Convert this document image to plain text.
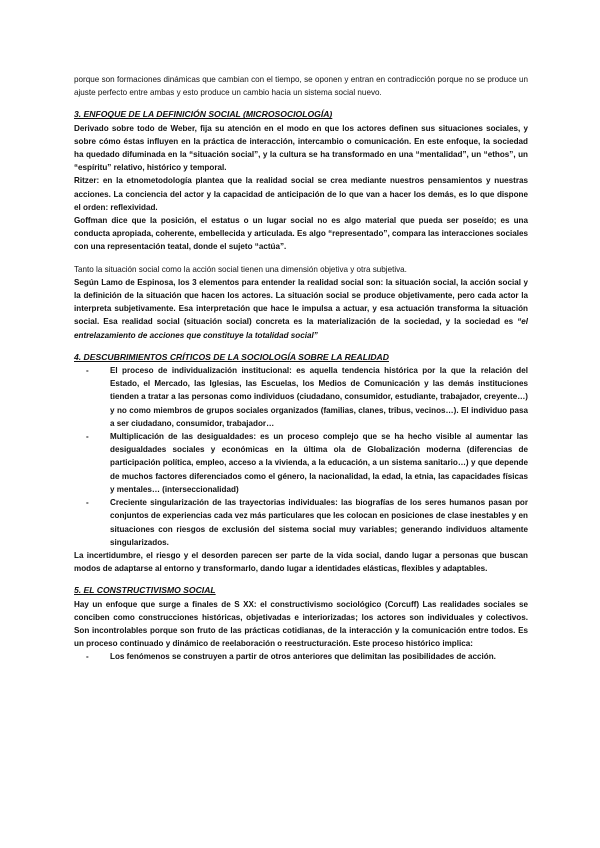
porque son formaciones dinámicas que cambian con el tiempo, se oponen y entran en contradicción porque no se produce un ajuste perfecto entre ambas y esto produce un cambio hacia un sistema social nuevo.

3. ENFOQUE DE LA DEFINICIÓN SOCIAL (MICROSOCIOLOGÍA)

Derivado sobre todo de Weber, fija su atención en el modo en que los actores definen sus situaciones sociales, y sobre cómo éstas influyen en la práctica de interacción, intercambio o comunicación. En este enfoque, la sociedad ha quedado difuminada en la “situación social”, y la cultura se ha transformado en una “mentalidad”, un “ethos”, un “espíritu” relativo, histórico y temporal.

Ritzer: en la etnometodología plantea que la realidad social se crea mediante nuestros pensamientos y nuestras acciones. La conciencia del actor y la capacidad de anticipación de lo que van a hacer los demás, es lo que dispone el orden: reflexividad.

Goffman dice que la posición, el estatus o un lugar social no es algo material que pueda ser poseído; es una conducta apropiada, coherente, embellecida y articulada. Es algo “representado”, compara las interacciones sociales con una representación teatal, donde el sujeto “actúa”.

Tanto la situación social como la acción social tienen una dimensión objetiva y otra subjetiva.

Según Lamo de Espinosa, los 3 elementos para entender la realidad social son: la situación social, la acción social y la definición de la situación que hacen los actores. La situación social se produce objetivamente, pero cada actor la interpreta subjetivamente. Esa interpretación que hace le impulsa a actuar, y esa actuación transforma la situación social. Esa realidad social (situación social) concreta es la materialización de la sociedad, y la sociedad es “el entrelazamiento de acciones que constituye la totalidad social”

4. DESCUBRIMIENTOS CRÍTICOS DE LA SOCIOLOGÍA SOBRE LA REALIDAD

- El proceso de individualización institucional: es aquella tendencia histórica por la que la relación del Estado, el Mercado, las Iglesias, las Escuelas, los Medios de Comunicación y las demás instituciones tienden a tratar a las personas como individuos (ciudadano, consumidor, estudiante, trabajador, creyente…) y no como miembros de grupos sociales organizados (familias, clanes, tribus, vecinos…). El individuo pasa a ser ciudadano, consumidor, trabajador…
- Multiplicación de las desigualdades: es un proceso complejo que se ha hecho visible al aumentar las desigualdades sociales y económicas en la última ola de Globalización moderna (diferencias de participación política, empleo, acceso a la vivienda, a la educación, a un sistema sanitario…) y que depende de muchos factores diferenciados como el género, la nacionalidad, la edad, la etnia, las capacidades físicas y mentales… (interseccionalidad)
- Creciente singularización de las trayectorias individuales: las biografías de los seres humanos pasan por conjuntos de experiencias cada vez más particulares que les colocan en posiciones de clase inestables y en situaciones con riesgos de exclusión del sistema social muy variables; generando individuos altamente singularizados.

La incertidumbre, el riesgo y el desorden parecen ser parte de la vida social, dando lugar a personas que buscan modos de adaptarse al entorno y transformarlo, dando lugar a identidades elásticas, flexibles y adaptables.

5. EL CONSTRUCTIVISMO SOCIAL

Hay un enfoque que surge a finales de S XX: el constructivismo sociológico (Corcuff) Las realidades sociales se conciben como construcciones históricas, objetivadas e interiorizadas; los actores son individuales y colectivos. Son incontrolables porque son fruto de las prácticas cotidianas, de la interacción y la comunicación entre todos. Es un proceso continuado y dinámico de reelaboración o reestructuración. Este proceso histórico implica:

- Los fenómenos se construyen a partir de otros anteriores que delimitan las posibilidades de acción.
